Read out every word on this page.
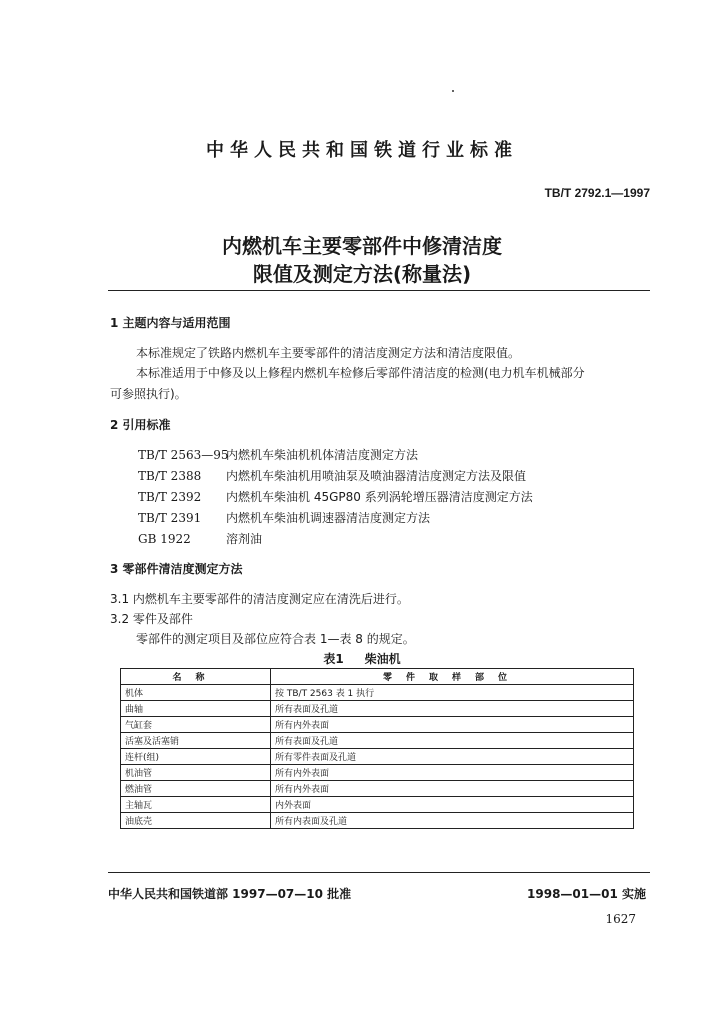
中华人民共和国铁道行业标准
TB/T 2792.1—1997
内燃机车主要零部件中修清洁度
限值及测定方法(称量法)
1 主题内容与适用范围
本标准规定了铁路内燃机车主要零部件的清洁度测定方法和清洁度限值。
本标准适用于中修及以上修程内燃机车检修后零部件清洁度的检测(电力机车机械部分
可参照执行)。
2 引用标准
TB/T 2563—95内燃机车柴油机机体清洁度测定方法
TB/T 2388 内燃机车柴油机用喷油泵及喷油器清洁度测定方法及限值
TB/T 2392 内燃机车柴油机 45GP80 系列涡轮增压器清洁度测定方法
TB/T 2391 内燃机车柴油机调速器清洁度测定方法
GB 1922	溶剂油
3 零部件清洁度测定方法
3.1 内燃机车主要零部件的清洁度测定应在清洗后进行。
3.2 零件及部件
零部件的测定项目及部位应符合表 1—表 8 的规定。
表1     柴油机
名称	零件取样部位
机体	按 TB/T 2563 表 1 执行
曲轴	所有表面及孔道
气缸套	所有内外表面
活塞及活塞销	所有表面及孔道
连杆(组)	所有零件表面及孔道
机油管	所有内外表面
燃油管	所有内外表面
主轴瓦	内外表面
油底壳	所有内表面及孔道
中华人民共和国铁道部 1997—07—10 批准	1998—01—01 实施
1627
